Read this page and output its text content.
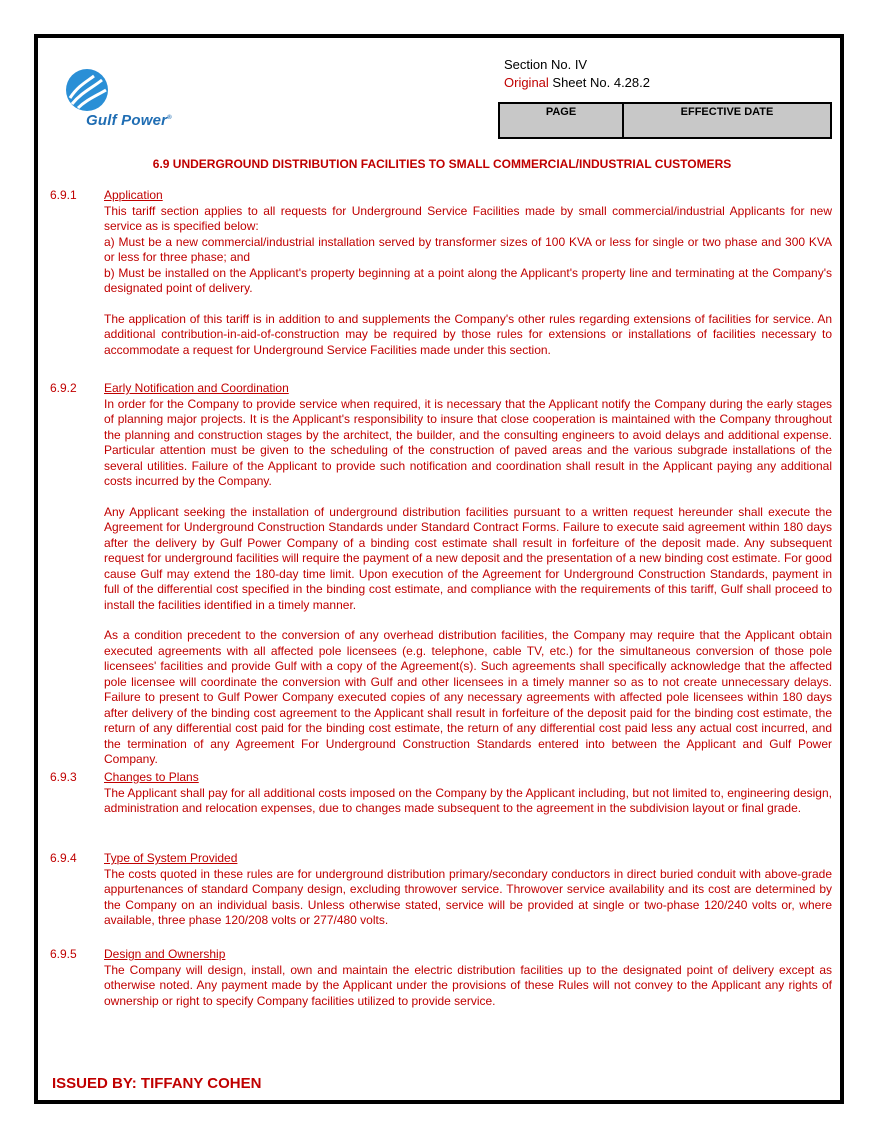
Gulf Power®
Section No. IV
Original Sheet No. 4.28.2
PAGE	EFFECTIVE DATE
6.9 UNDERGROUND DISTRIBUTION FACILITIES TO SMALL COMMERCIAL/INDUSTRIAL CUSTOMERS
6.9.1 Application
This tariff section applies to all requests for Underground Service Facilities made by small commercial/industrial Applicants for new service as is specified below:
a) Must be a new commercial/industrial installation served by transformer sizes of 100 KVA or less for single or two phase and 300 KVA or less for three phase; and
b) Must be installed on the Applicant's property beginning at a point along the Applicant's property line and terminating at the Company's designated point of delivery.
The application of this tariff is in addition to and supplements the Company's other rules regarding extensions of facilities for service. An additional contribution-in-aid-of-construction may be required by those rules for extensions or installations of facilities necessary to accommodate a request for Underground Service Facilities made under this section.
6.9.2 Early Notification and Coordination

In order for the Company to provide service when required, it is necessary that the Applicant notify the Company during the early stages of planning major projects. It is the Applicant's responsibility to insure that close cooperation is maintained with the Company throughout the planning and construction stages by the architect, the builder, and the consulting engineers to avoid delays and additional expense. Particular attention must be given to the scheduling of the construction of paved areas and the various subgrade installations of the several utilities. Failure of the Applicant to provide such notification and coordination shall result in the Applicant paying any additional costs incurred by the Company.

Any Applicant seeking the installation of underground distribution facilities pursuant to a written request hereunder shall execute the Agreement for Underground Construction Standards under Standard Contract Forms. Failure to execute said agreement within 180 days after the delivery by Gulf Power Company of a binding cost estimate shall result in forfeiture of the deposit made. Any subsequent request for underground facilities will require the payment of a new deposit and the presentation of a new binding cost estimate. For good cause Gulf may extend the 180-day time limit. Upon execution of the Agreement for Underground Construction Standards, payment in full of the differential cost specified in the binding cost estimate, and compliance with the requirements of this tariff, Gulf shall proceed to install the facilities identified in a timely manner.

As a condition precedent to the conversion of any overhead distribution facilities, the Company may require that the Applicant obtain executed agreements with all affected pole licensees (e.g. telephone, cable TV, etc.) for the simultaneous conversion of those pole licensees' facilities and provide Gulf with a copy of the Agreement(s). Such agreements shall specifically acknowledge that the affected pole licensee will coordinate the conversion with Gulf and other licensees in a timely manner so as to not create unnecessary delays. Failure to present to Gulf Power Company executed copies of any necessary agreements with affected pole licensees within 180 days after delivery of the binding cost agreement to the Applicant shall result in forfeiture of the deposit paid for the binding cost estimate, the return of any differential cost paid for the binding cost estimate, the return of any differential cost paid less any actual cost incurred, and the termination of any Agreement For Underground Construction Standards entered into between the Applicant and Gulf Power Company.

6.9.3 Changes to Plans

The Applicant shall pay for all additional costs imposed on the Company by the Applicant including, but not limited to, engineering design, administration and relocation expenses, due to changes made subsequent to the agreement in the subdivision layout or final grade.

6.9.4 Type of System Provided

The costs quoted in these rules are for underground distribution primary/secondary conductors in direct buried conduit with above-grade appurtenances of standard Company design, excluding throwover service. Throwover service availability and its cost are determined by the Company on an individual basis. Unless otherwise stated, service will be provided at single or two-phase 120/240 volts or, where available, three phase 120/208 volts or 277/480 volts.

6.9.5 Design and Ownership

The Company will design, install, own and maintain the electric distribution facilities up to the designated point of delivery except as otherwise noted. Any payment made by the Applicant under the provisions of these Rules will not convey to the Applicant any rights of ownership or right to specify Company facilities utilized to provide service.

ISSUED BY: TIFFANY COHEN
